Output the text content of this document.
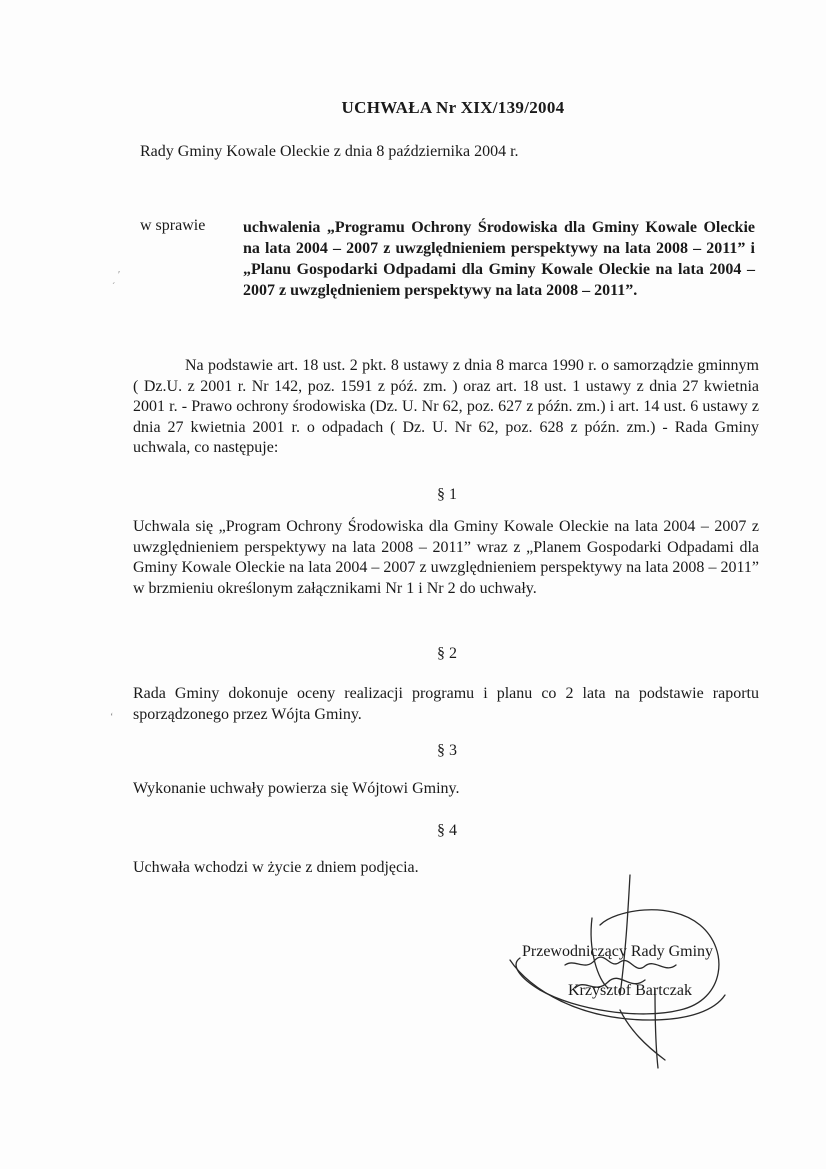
UCHWAŁA Nr XIX/139/2004
Rady Gminy Kowale Oleckie z dnia 8 października 2004 r.
w sprawie uchwalenia „Programu Ochrony Środowiska dla Gminy Kowale Oleckie na lata 2004 – 2007 z uwzględnieniem perspektywy na lata 2008 – 2011” i „Planu Gospodarki Odpadami dla Gminy Kowale Oleckie na lata 2004 – 2007 z uwzględnieniem perspektywy na lata 2008 – 2011”.
Na podstawie art. 18 ust. 2 pkt. 8 ustawy z dnia 8 marca 1990 r. o samorządzie gminnym ( Dz.U. z 2001 r. Nr 142, poz. 1591 z póź. zm. ) oraz art. 18 ust. 1 ustawy z dnia 27 kwietnia 2001 r. - Prawo ochrony środowiska (Dz. U. Nr 62, poz. 627 z późn. zm.) i art. 14 ust. 6 ustawy z dnia 27 kwietnia 2001 r. o odpadach ( Dz. U. Nr 62, poz. 628 z późn. zm.) - Rada Gminy uchwala, co następuje:
§ 1
Uchwala się „Program Ochrony Środowiska dla Gminy Kowale Oleckie na lata 2004 – 2007 z uwzględnieniem perspektywy na lata 2008 – 2011” wraz z „Planem Gospodarki Odpadami dla Gminy Kowale Oleckie na lata 2004 – 2007 z uwzględnieniem perspektywy na lata 2008 – 2011” w brzmieniu określonym załącznikami Nr 1 i Nr 2 do uchwały.
§ 2
Rada Gminy dokonuje oceny realizacji programu i planu co 2 lata na podstawie raportu sporządzonego przez Wójta Gminy.
§ 3
Wykonanie uchwały powierza się Wójtowi Gminy.
§ 4
Uchwała wchodzi w życie z dniem podjęcia.
Przewodniczący Rady Gminy
Krzysztof Bartczak
ʹ
ˊ
ʻ
